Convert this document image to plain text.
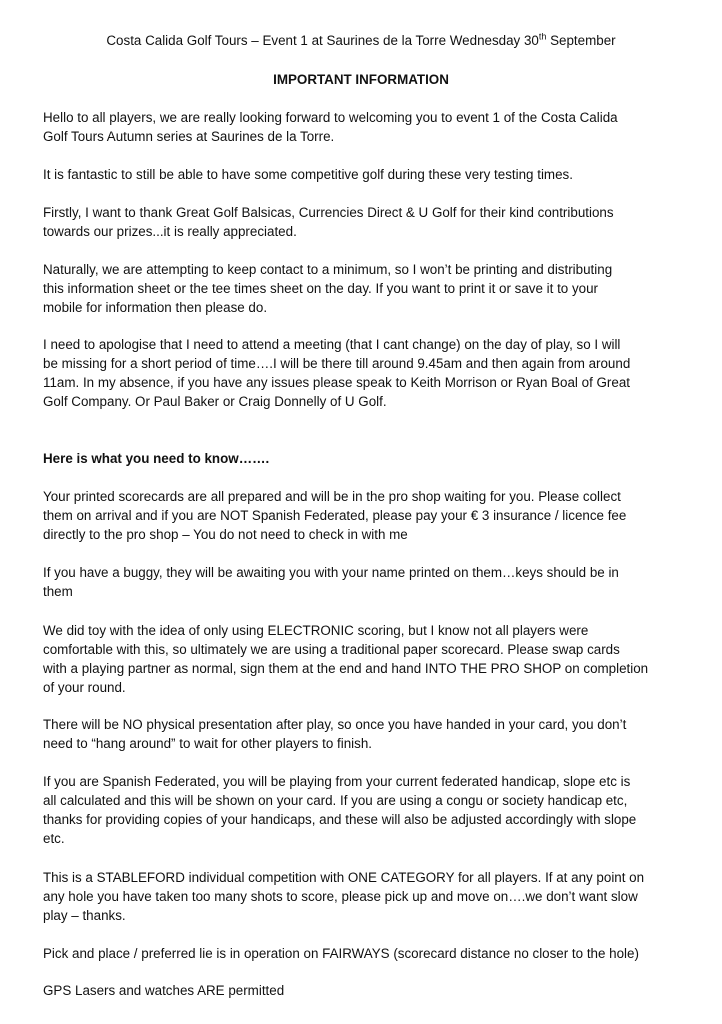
Costa Calida Golf Tours – Event 1 at Saurines de la Torre Wednesday 30th September
IMPORTANT INFORMATION

Hello to all players, we are really looking forward to welcoming you to event 1 of the Costa Calida
Golf Tours Autumn series at Saurines de la Torre.

It is fantastic to still be able to have some competitive golf during these very testing times.

Firstly, I want to thank Great Golf Balsicas, Currencies Direct & U Golf for their kind contributions
towards our prizes...it is really appreciated.

Naturally, we are attempting to keep contact to a minimum, so I won’t be printing and distributing
this information sheet or the tee times sheet on the day. If you want to print it or save it to your
mobile for information then please do.

I need to apologise that I need to attend a meeting (that I cant change) on the day of play, so I will
be missing for a short period of time….I will be there till around 9.45am and then again from around
11am. In my absence, if you have any issues please speak to Keith Morrison or Ryan Boal of Great
Golf Company. Or Paul Baker or Craig Donnelly of U Golf.

Here is what you need to know…….

Your printed scorecards are all prepared and will be in the pro shop waiting for you. Please collect
them on arrival and if you are NOT Spanish Federated, please pay your € 3 insurance / licence fee
directly to the pro shop – You do not need to check in with me

If you have a buggy, they will be awaiting you with your name printed on them…keys should be in
them

We did toy with the idea of only using ELECTRONIC scoring, but I know not all players were
comfortable with this, so ultimately we are using a traditional paper scorecard. Please swap cards
with a playing partner as normal, sign them at the end and hand INTO THE PRO SHOP on completion
of your round.

There will be NO physical presentation after play, so once you have handed in your card, you don’t
need to “hang around” to wait for other players to finish.

If you are Spanish Federated, you will be playing from your current federated handicap, slope etc is
all calculated and this will be shown on your card. If you are using a congu or society handicap etc,
thanks for providing copies of your handicaps, and these will also be adjusted accordingly with slope
etc.

This is a STABLEFORD individual competition with ONE CATEGORY for all players. If at any point on
any hole you have taken too many shots to score, please pick up and move on….we don’t want slow
play – thanks.

Pick and place / preferred lie is in operation on FAIRWAYS (scorecard distance no closer to the hole)

GPS Lasers and watches ARE permitted
